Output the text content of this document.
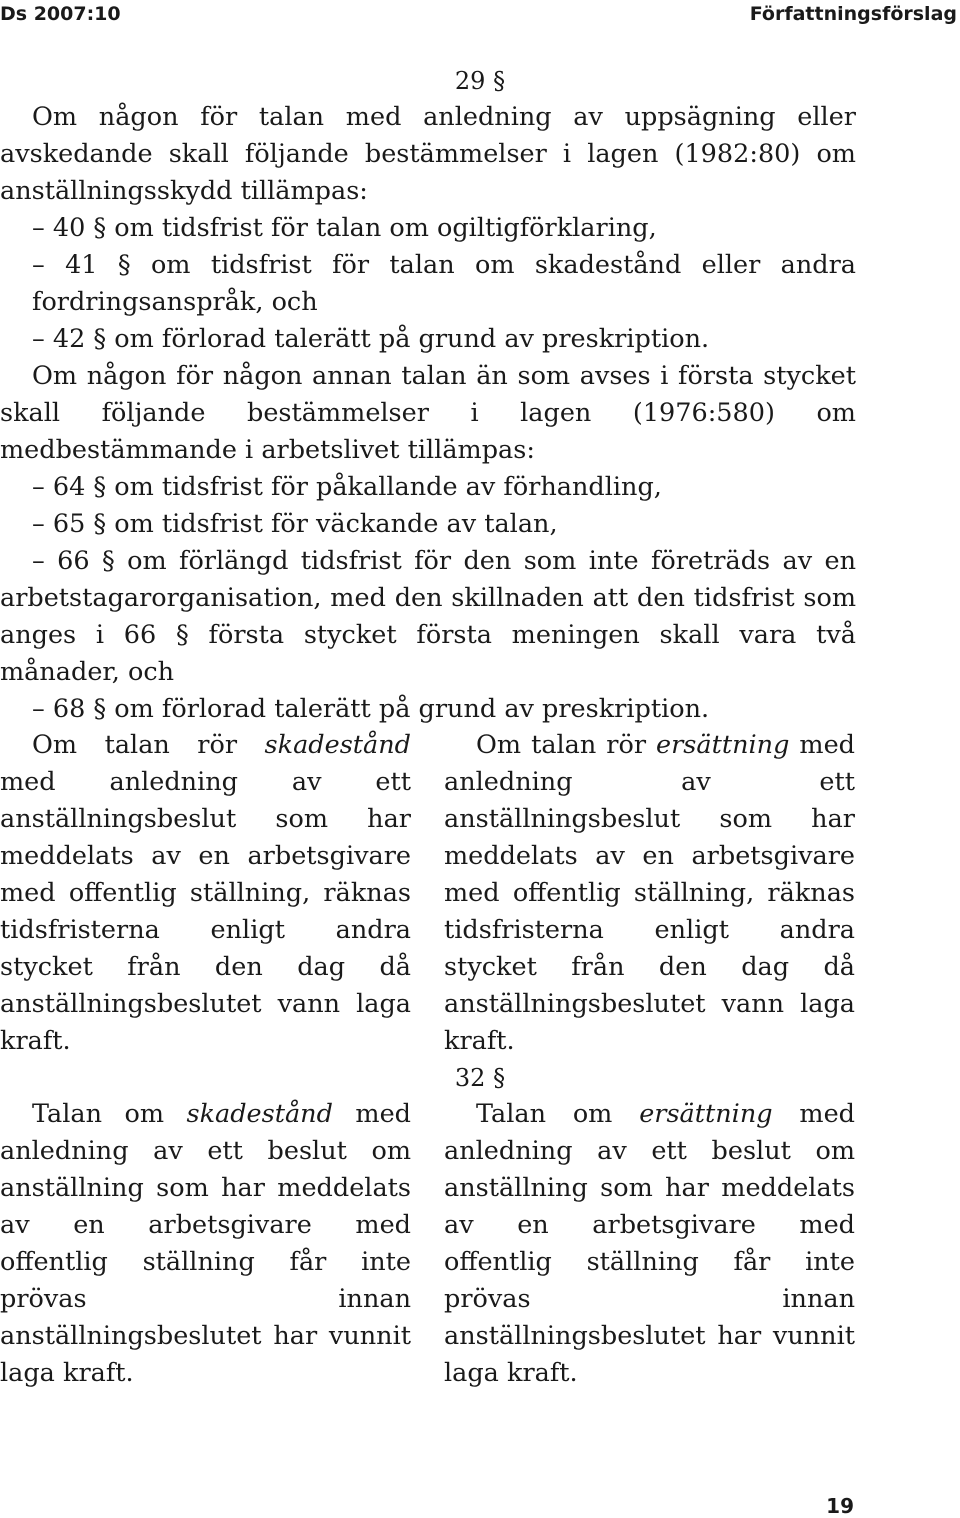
Ds 2007:10	Författningsförslag
29 §

Om någon för talan med anledning av uppsägning eller avskedande skall följande bestämmelser i lagen (1982:80) om anställningsskydd tillämpas:

– 40 § om tidsfrist för talan om ogiltigförklaring,

– 41 § om tidsfrist för talan om skadestånd eller andra fordringsanspråk, och

– 42 § om förlorad talerätt på grund av preskription.

Om någon för någon annan talan än som avses i första stycket skall följande bestämmelser i lagen (1976:580) om medbestämmande i arbetslivet tillämpas:

– 64 § om tidsfrist för påkallande av förhandling,

– 65 § om tidsfrist för väckande av talan,

– 66 § om förlängd tidsfrist för den som inte företräds av en arbetstagarorganisation, med den skillnaden att den tidsfrist som anges i 66 § första stycket första meningen skall vara två månader, och

– 68 § om förlorad talerätt på grund av preskription.

Om talan rör skadestånd med anledning av ett anställningsbeslut som har meddelats av en arbetsgivare med offentlig ställning, räknas tidsfristerna enligt andra stycket från den dag då anställningsbeslutet vann laga kraft.

Om talan rör ersättning med anledning av ett anställningsbeslut som har meddelats av en arbetsgivare med offentlig ställning, räknas tidsfristerna enligt andra stycket från den dag då anställningsbeslutet vann laga kraft.

32 §

Talan om skadestånd med anledning av ett beslut om anställning som har meddelats av en arbetsgivare med offentlig ställning får inte prövas innan anställningsbeslutet har vunnit laga kraft.

Talan om ersättning med anledning av ett beslut om anställning som har meddelats av en arbetsgivare med offentlig ställning får inte prövas innan anställningsbeslutet har vunnit laga kraft.

19
